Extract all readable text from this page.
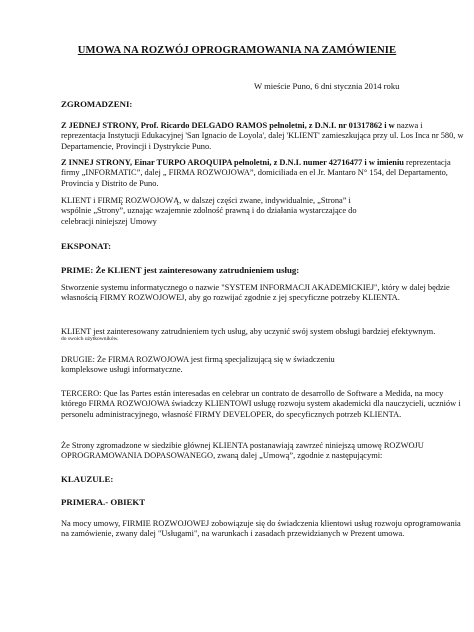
UMOWA NA ROZWÓJ OPROGRAMOWANIA NA ZAMÓWIENIE
W mieście Puno, 6 dni stycznia 2014 roku
ZGROMADZENI:
Z JEDNEJ STRONY, Prof. Ricardo DELGADO RAMOS pełnoletni, z D.N.I. nr 01317862 i w nazwa i reprezentacja Instytucji Edukacyjnej 'San Ignacio de Loyola', dalej 'KLIENT' zamieszkująca przy ul. Los Inca nr 580, w Departamencie, Provincji i Dystrykcie Puno.
Z INNEJ STRONY, Einar TURPO AROQUIPA pełnoletni, z D.N.I. numer 42716477 i w imieniu reprezentacja firmy „INFORMATIC”, dalej „ FIRMA ROZWOJOWA”, domiciliada en el Jr. Mantaro N° 154, del Departamento, Provincia y Distrito de Puno.
KLIENT i FIRMĘ ROZWOJOWĄ, w dalszej części zwane, indywidualnie, „Strona” i wspólnie „Strony”, uznając wzajemnie zdolność prawną i do działania wystarczające do celebracji niniejszej Umowy
EKSPONAT:
PRIME: Że KLIENT jest zainteresowany zatrudnieniem usług:
Stworzenie systemu informatycznego o nazwie "SYSTEM INFORMACJI AKADEMICKIEJ", który w dalej będzie własnością FIRMY ROZWOJOWEJ, aby go rozwijać zgodnie z jej specyficzne potrzeby KLIENTA.
KLIENT jest zainteresowany zatrudnieniem tych usług, aby uczynić swój system obsługi bardziej efektywnym.
do swoich użytkowników.
DRUGIE: Że FIRMA ROZWOJOWA jest firmą specjalizującą się w świadczeniu kompleksowe usługi informatyczne.
TERCERO: Que las Partes están interesadas en celebrar un contrato de desarrollo de Software a Medida, na mocy którego FIRMA ROZWOJOWA świadczy KLIENTOWI usługę rozwoju system akademicki dla nauczycieli, uczniów i personelu administracyjnego, własność FIRMY DEVELOPER, do specyficznych potrzeb KLIENTA.
Że Strony zgromadzone w siedzibie głównej KLIENTA postanawiają zawrzeć niniejszą umowę ROZWOJU OPROGRAMOWANIA DOPASOWANEGO, zwaną dalej „Umową”, zgodnie z następującymi:
KLAUZULE:
PRIMERA.- OBIEKT
Na mocy umowy, FIRMIE ROZWOJOWEJ zobowiązuje się do świadczenia klientowi usług rozwoju oprogramowania na zamówienie, zwany dalej "Usługami", na warunkach i zasadach przewidzianych w Prezent umowa.
